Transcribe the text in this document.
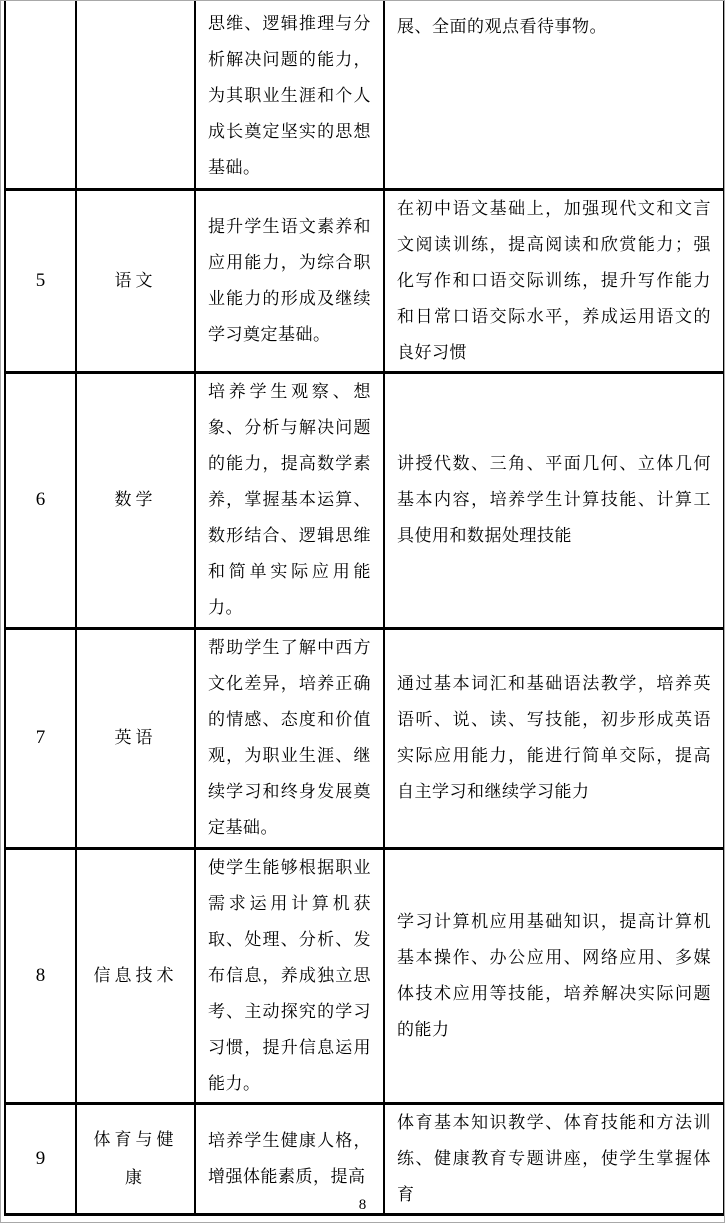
		思维、逻辑推理与分析解决问题的能力，为其职业生涯和个人成长奠定坚实的思想基础。	展、全面的观点看待事物。

5	语文	提升学生语文素养和应用能力，为综合职业能力的形成及继续学习奠定基础。	在初中语文基础上，加强现代文和文言文阅读训练，提高阅读和欣赏能力；强化写作和口语交际训练，提升写作能力和日常口语交际水平，养成运用语文的良好习惯

6	数学	培养学生观察、想象、分析与解决问题的能力，提高数学素养，掌握基本运算、数形结合、逻辑思维和简单实际应用能力。	讲授代数、三角、平面几何、立体几何基本内容，培养学生计算技能、计算工具使用和数据处理技能

7	英语	帮助学生了解中西方文化差异，培养正确的情感、态度和价值观，为职业生涯、继续学习和终身发展奠定基础。	通过基本词汇和基础语法教学，培养英语听、说、读、写技能，初步形成英语实际应用能力，能进行简单交际，提高自主学习和继续学习能力

8	信息技术	使学生能够根据职业需求运用计算机获取、处理、分析、发布信息，养成独立思考、主动探究的学习习惯，提升信息运用能力。	学习计算机应用基础知识，提高计算机基本操作、办公应用、网络应用、多媒体技术应用等技能，培养解决实际问题的能力

9	体育与健康	培养学生健康人格，增强体能素质，提高	体育基本知识教学、体育技能和方法训练、健康教育专题讲座，使学生掌握体育
8
